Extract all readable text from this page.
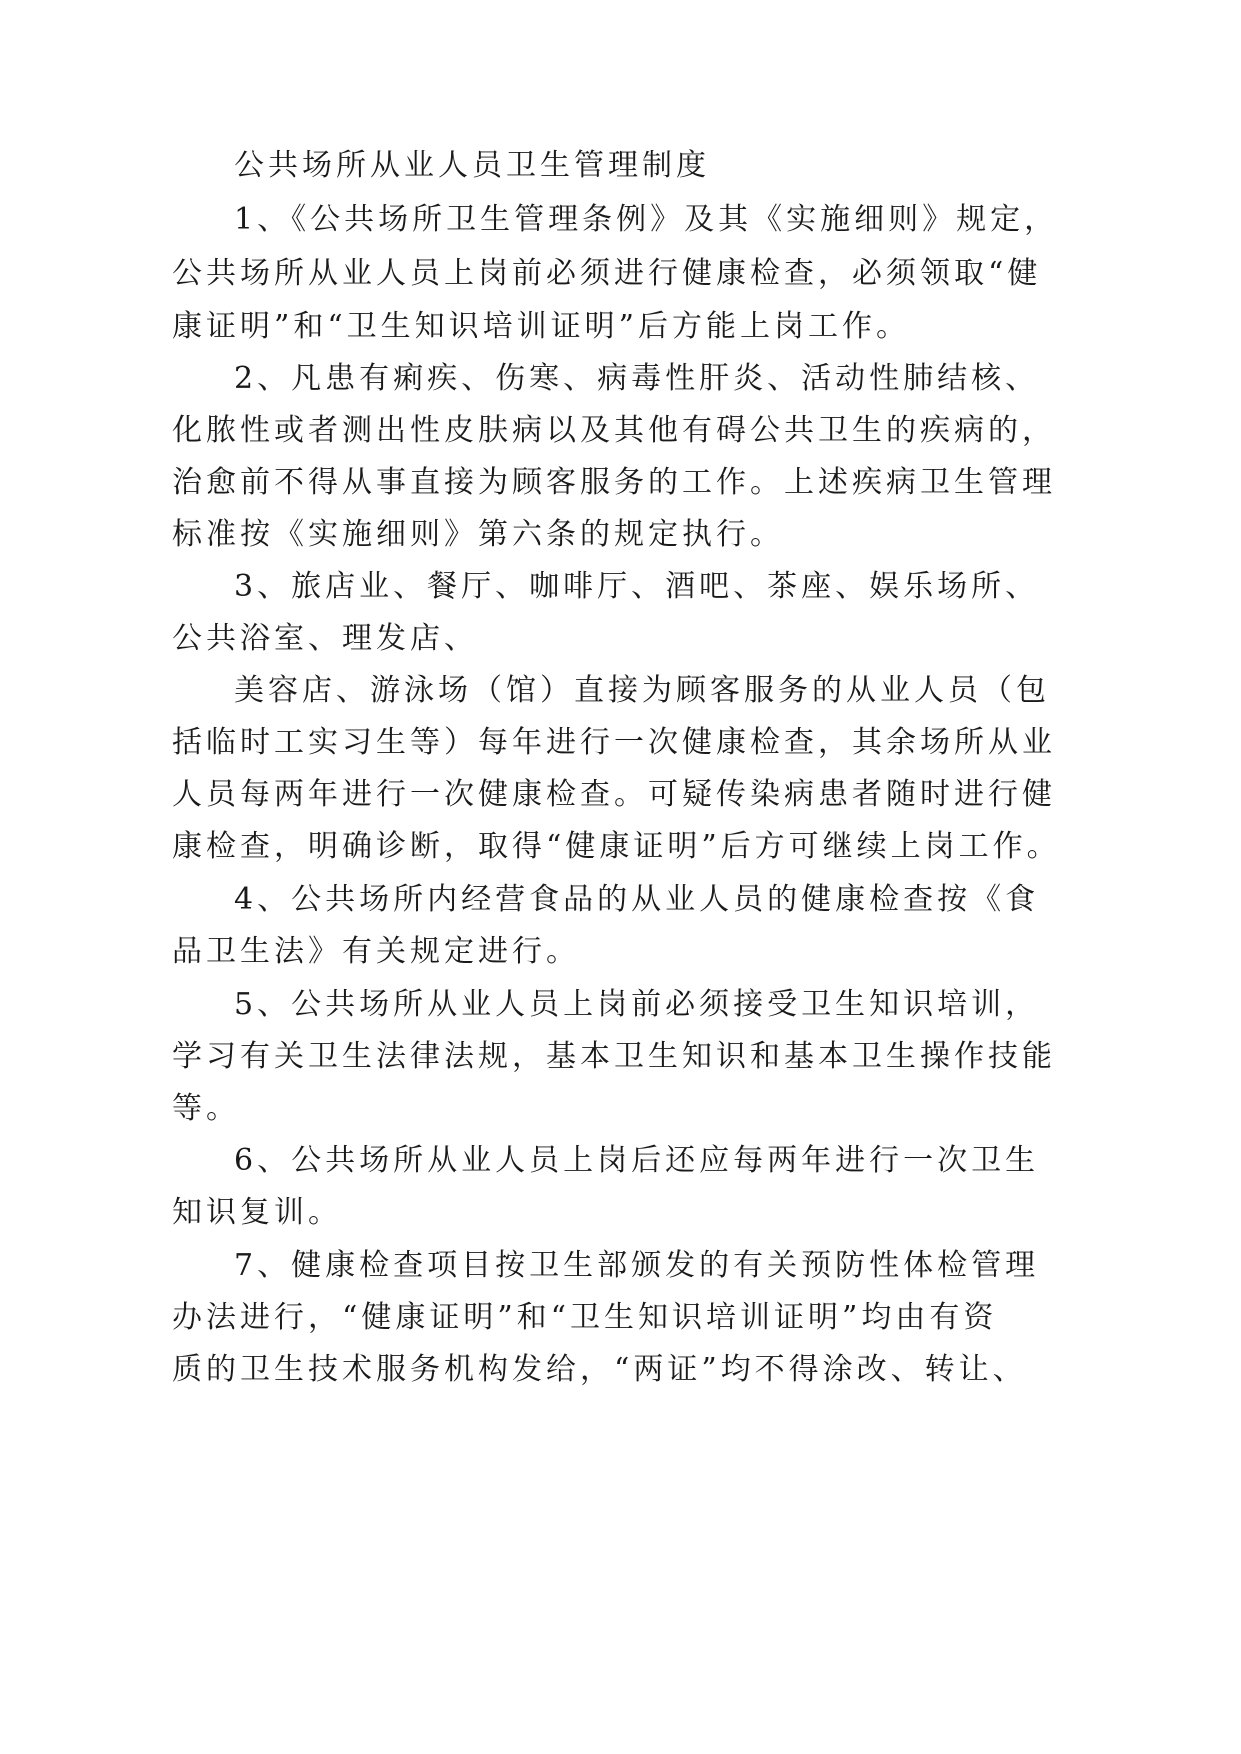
公共场所从业人员卫生管理制度
1、《公共场所卫生管理条例》及其《实施细则》规定，
公共场所从业人员上岗前必须进行健康检查，必须领取“健
康证明”和“卫生知识培训证明”后方能上岗工作。
2、凡患有痢疾、伤寒、病毒性肝炎、活动性肺结核、
化脓性或者测出性皮肤病以及其他有碍公共卫生的疾病的，
治愈前不得从事直接为顾客服务的工作。上述疾病卫生管理
标准按《实施细则》第六条的规定执行。
3、旅店业、餐厅、咖啡厅、酒吧、茶座、娱乐场所、
公共浴室、理发店、
美容店、游泳场（馆）直接为顾客服务的从业人员（包
括临时工实习生等）每年进行一次健康检查，其余场所从业
人员每两年进行一次健康检查。可疑传染病患者随时进行健
康检查，明确诊断，取得“健康证明”后方可继续上岗工作。
4、公共场所内经营食品的从业人员的健康检查按《食
品卫生法》有关规定进行。
5、公共场所从业人员上岗前必须接受卫生知识培训，
学习有关卫生法律法规，基本卫生知识和基本卫生操作技能
等。
6、公共场所从业人员上岗后还应每两年进行一次卫生
知识复训。
7、健康检查项目按卫生部颁发的有关预防性体检管理
办法进行，“健康证明”和“卫生知识培训证明”均由有资
质的卫生技术服务机构发给，“两证”均不得涂改、转让、
